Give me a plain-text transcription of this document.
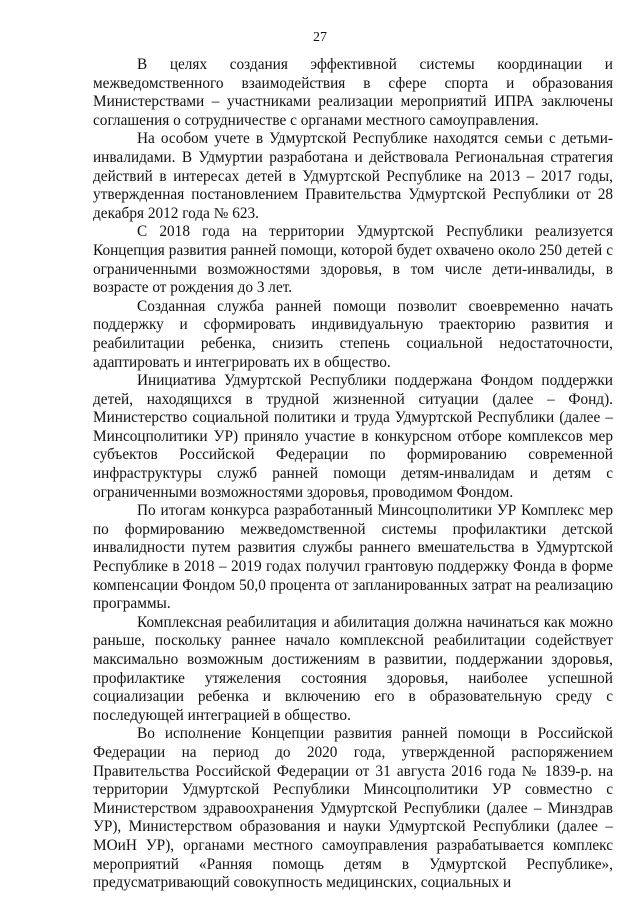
27

В целях создания эффективной системы координации и межведомственного взаимодействия в сфере спорта и образования Министерствами – участниками реализации мероприятий ИПРА заключены соглашения о сотрудничестве с органами местного самоуправления.

На особом учете в Удмуртской Республике находятся семьи с детьми-инвалидами. В Удмуртии разработана и действовала Региональная стратегия действий в интересах детей в Удмуртской Республике на 2013 – 2017 годы, утвержденная постановлением Правительства Удмуртской Республики от 28 декабря 2012 года № 623.

С 2018 года на территории Удмуртской Республики реализуется Концепция развития ранней помощи, которой будет охвачено около 250 детей с ограниченными возможностями здоровья, в том числе дети-инвалиды, в возрасте от рождения до 3 лет.

Созданная служба ранней помощи позволит своевременно начать поддержку и сформировать индивидуальную траекторию развития и реабилитации ребенка, снизить степень социальной недостаточности, адаптировать и интегрировать их в общество.

Инициатива Удмуртской Республики поддержана Фондом поддержки детей, находящихся в трудной жизненной ситуации (далее – Фонд). Министерство социальной политики и труда Удмуртской Республики (далее – Минсоцполитики УР) приняло участие в конкурсном отборе комплексов мер субъектов Российской Федерации по формированию современной инфраструктуры служб ранней помощи детям-инвалидам и детям с ограниченными возможностями здоровья, проводимом Фондом.

По итогам конкурса разработанный Минсоцполитики УР Комплекс мер по формированию межведомственной системы профилактики детской инвалидности путем развития службы раннего вмешательства в Удмуртской Республике в 2018 – 2019 годах получил грантовую поддержку Фонда в форме компенсации Фондом 50,0 процента от запланированных затрат на реализацию программы.

Комплексная реабилитация и абилитация должна начинаться как можно раньше, поскольку раннее начало комплексной реабилитации содействует максимально возможным достижениям в развитии, поддержании здоровья, профилактике утяжеления состояния здоровья, наиболее успешной социализации ребенка и включению его в образовательную среду с последующей интеграцией в общество.

Во исполнение Концепции развития ранней помощи в Российской Федерации на период до 2020 года, утвержденной распоряжением Правительства Российской Федерации от 31 августа 2016 года № 1839-р. на территории Удмуртской Республики Минсоцполитики УР совместно с Министерством здравоохранения Удмуртской Республики (далее – Минздрав УР), Министерством образования и науки Удмуртской Республики (далее – МОиН УР), органами местного самоуправления разрабатывается комплекс мероприятий «Ранняя помощь детям в Удмуртской Республике», предусматривающий совокупность медицинских, социальных и
